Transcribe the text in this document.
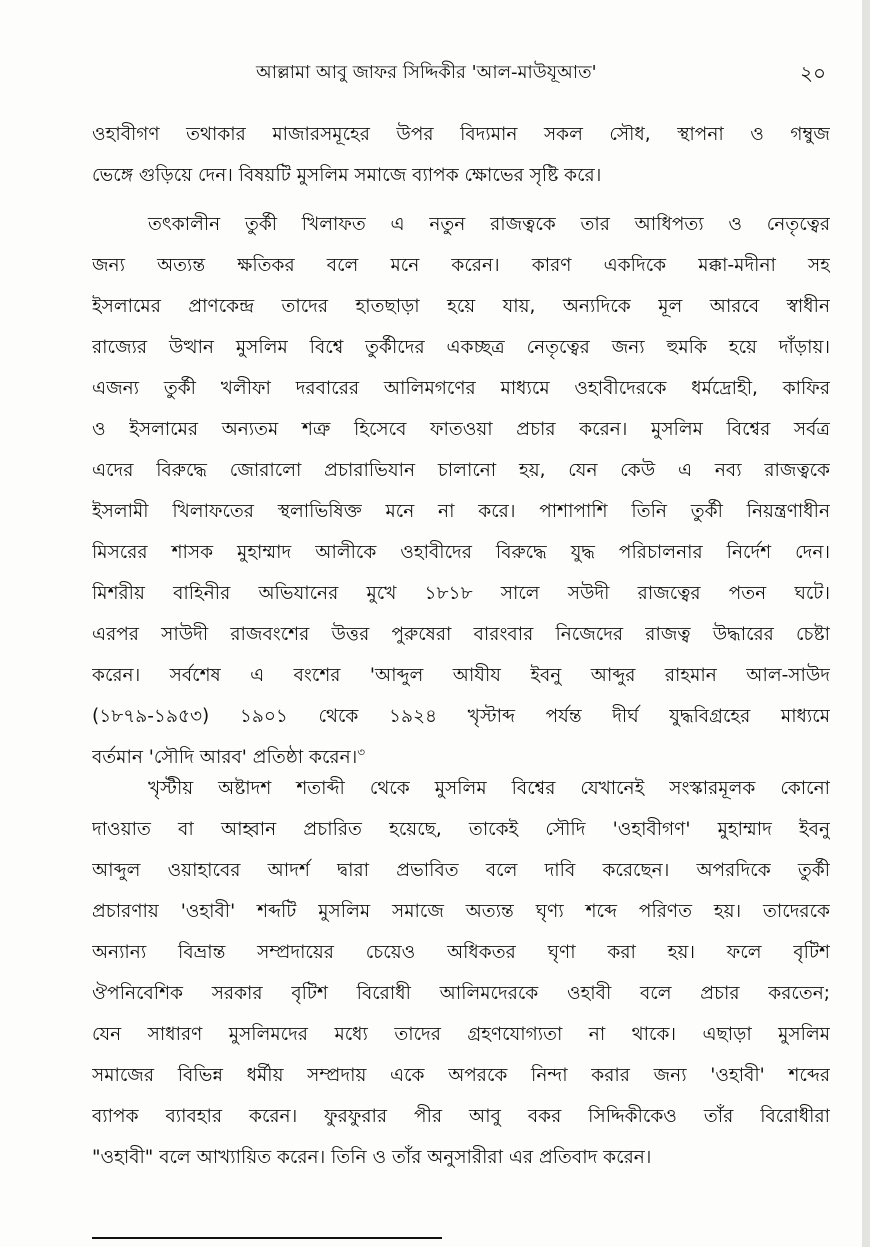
আল্লামা আবু জাফর সিদ্দিকীর 'আল-মাউযূআত'	২০
ওহাবীগণ তথাকার মাজারসমূহের উপর বিদ্যমান সকল সৌধ, স্থাপনা ও গম্বুজ
ভেঙ্গে গুড়িয়ে দেন। বিষয়টি মুসলিম সমাজে ব্যাপক ক্ষোভের সৃষ্টি করে।
তৎকালীন তুর্কী খিলাফত এ নতুন রাজত্বকে তার আধিপত্য ও নেতৃত্বের
জন্য অত্যন্ত ক্ষতিকর বলে মনে করেন। কারণ একদিকে মক্কা-মদীনা সহ
ইসলামের প্রাণকেন্দ্র তাদের হাতছাড়া হয়ে যায়, অন্যদিকে মূল আরবে স্বাধীন
রাজ্যের উত্থান মুসলিম বিশ্বে তুর্কীদের একচ্ছত্র নেতৃত্বের জন্য হুমকি হয়ে দাঁড়ায়।
এজন্য তুর্কী খলীফা দরবারের আলিমগণের মাধ্যমে ওহাবীদেরকে ধর্মদ্রোহী, কাফির
ও ইসলামের অন্যতম শত্রু হিসেবে ফাতওয়া প্রচার করেন। মুসলিম বিশ্বের সর্বত্র
এদের বিরুদ্ধে জোরালো প্রচারাভিযান চালানো হয়, যেন কেউ এ নব্য রাজত্বকে
ইসলামী খিলাফতের স্থলাভিষিক্ত মনে না করে। পাশাপাশি তিনি তুর্কী নিয়ন্ত্রণাধীন
মিসরের শাসক মুহাম্মাদ আলীকে ওহাবীদের বিরুদ্ধে যুদ্ধ পরিচালনার নির্দেশ দেন।
মিশরীয় বাহিনীর অভিযানের মুখে ১৮১৮ সালে সউদী রাজত্বের পতন ঘটে।
এরপর সাউদী রাজবংশের উত্তর পুরুষেরা বারংবার নিজেদের রাজত্ব উদ্ধারের চেষ্টা
করেন। সর্বশেষ এ বংশের 'আব্দুল আযীয ইবনু আব্দুর রাহমান আল-সাউদ
(১৮৭৯-১৯৫৩) ১৯০১ থেকে ১৯২৪ খৃস্টাব্দ পর্যন্ত দীর্ঘ যুদ্ধবিগ্রহের মাধ্যমে
বর্তমান 'সৌদি আরব' প্রতিষ্ঠা করেন।$^৩$
খৃস্টীয় অষ্টাদশ শতাব্দী থেকে মুসলিম বিশ্বের যেখানেই সংস্কারমূলক কোনো
দাওয়াত বা আহ্বান প্রচারিত হয়েছে, তাকেই সৌদি 'ওহাবীগণ' মুহাম্মাদ ইবনু
আব্দুল ওয়াহাবের আদর্শ দ্বারা প্রভাবিত বলে দাবি করেছেন। অপরদিকে তুর্কী
প্রচারণায় 'ওহাবী' শব্দটি মুসলিম সমাজে অত্যন্ত ঘৃণ্য শব্দে পরিণত হয়। তাদেরকে
অন্যান্য বিভ্রান্ত সম্প্রদায়ের চেয়েও অধিকতর ঘৃণা করা হয়। ফলে বৃটিশ
ঔপনিবেশিক সরকার বৃটিশ বিরোধী আলিমদেরকে ওহাবী বলে প্রচার করতেন;
যেন সাধারণ মুসলিমদের মধ্যে তাদের গ্রহণযোগ্যতা না থাকে। এছাড়া মুসলিম
সমাজের বিভিন্ন ধর্মীয় সম্প্রদায় একে অপরকে নিন্দা করার জন্য 'ওহাবী' শব্দের
ব্যাপক ব্যাবহার করেন। ফুরফুরার পীর আবু বকর সিদ্দিকীকেও তাঁর বিরোধীরা
"ওহাবী" বলে আখ্যায়িত করেন। তিনি ও তাঁর অনুসারীরা এর প্রতিবাদ করেন।
